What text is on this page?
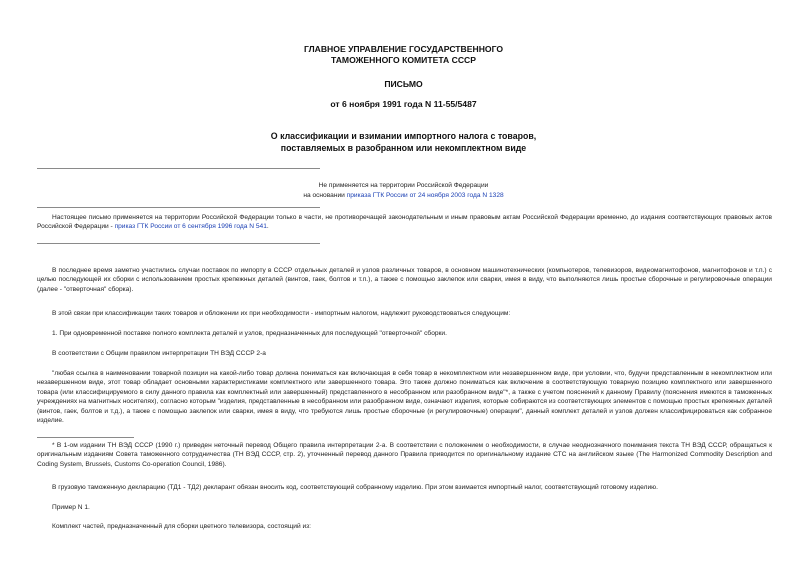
ГЛАВНОЕ УПРАВЛЕНИЕ ГОСУДАРСТВЕННОГО
ТАМОЖЕННОГО КОМИТЕТА СССР
ПИСЬМО
от 6 ноября 1991 года N 11-55/5487
О классификации и взимании импортного налога с товаров,
поставляемых в разобранном или некомплектном виде
Не применяется на территории Российской Федерации
на основании приказа ГТК России от 24 ноября 2003 года N 1328
Настоящее письмо применяется на территории Российской Федерации только в части, не противоречащей законодательным и иным правовым актам Российской Федерации временно, до издания соответствующих правовых актов Российской Федерации - приказ ГТК России от 6 сентября 1996 года N 541.
В последнее время заметно участились случаи поставок по импорту в СССР отдельных деталей и узлов различных товаров, в основном машинотехнических (компьютеров, телевизоров, видеомагнитофонов, магнитофонов и т.п.) с целью последующей их сборки с использованием простых крепежных деталей (винтов, гаек, болтов и т.п.), а также с помощью заклепок или сварки, имея в виду, что выполняются лишь простые сборочные и регулировочные операции (далее - "отверточная" сборка).
В этой связи при классификации таких товаров и обложении их при необходимости - импортным налогом, надлежит руководствоваться следующим:
1. При одновременной поставке полного комплекта деталей и узлов, предназначенных для последующей "отверточной" сборки.
В соответствии с Общим правилом интерпретации ТН ВЭД СССР 2-а
"любая ссылка в наименовании товарной позиции на какой-либо товар должна пониматься как включающая в себя товар в некомплектном или незавершенном виде, при условии, что, будучи представленным в некомплектном или незавершенном виде, этот товар обладает основными характеристиками комплектного или завершенного товара. Это также должно пониматься как включение в соответствующую товарную позицию комплектного или завершенного товара (или классифицируемого в силу данного правила как комплектный или завершенный) представленного в несобранном или разобранном виде"*, а также с учетом пояснений к данному Правилу (пояснения имеются в таможенных учреждениях на магнитных носителях), согласно которым "изделия, представленные в несобранном или разобранном виде, означают изделия, которые собираются из соответствующих элементов с помощью простых крепежных деталей (винтов, гаек, болтов и т.д.), а также с помощью заклепок или сварки, имея в виду, что требуются лишь простые сборочные (и регулировочные) операции", данный комплект деталей и узлов должен классифицироваться как собранное изделие.
* В 1-ом издании ТН ВЭД СССР (1990 г.) приведен неточный перевод Общего правила интерпретации 2-а. В соответствии с положением о необходимости, в случае неоднозначного понимания текста ТН ВЭД СССР, обращаться к оригинальным изданиям Совета таможенного сотрудничества (ТН ВЭД СССР, стр. 2), уточненный перевод данного Правила приводится по оригинальному издание СТС на английском языке (The Harmonized Commodity Description and Coding System, Brussels, Customs Co-operation Council, 1986).
В грузовую таможенную декларацию (ТД1 - ТД2) декларант обязан вносить код, соответствующий собранному изделию. При этом взимается импортный налог, соответствующий готовому изделию.
Пример N 1.
Комплект частей, предназначенный для сборки цветного телевизора, состоящий из:
